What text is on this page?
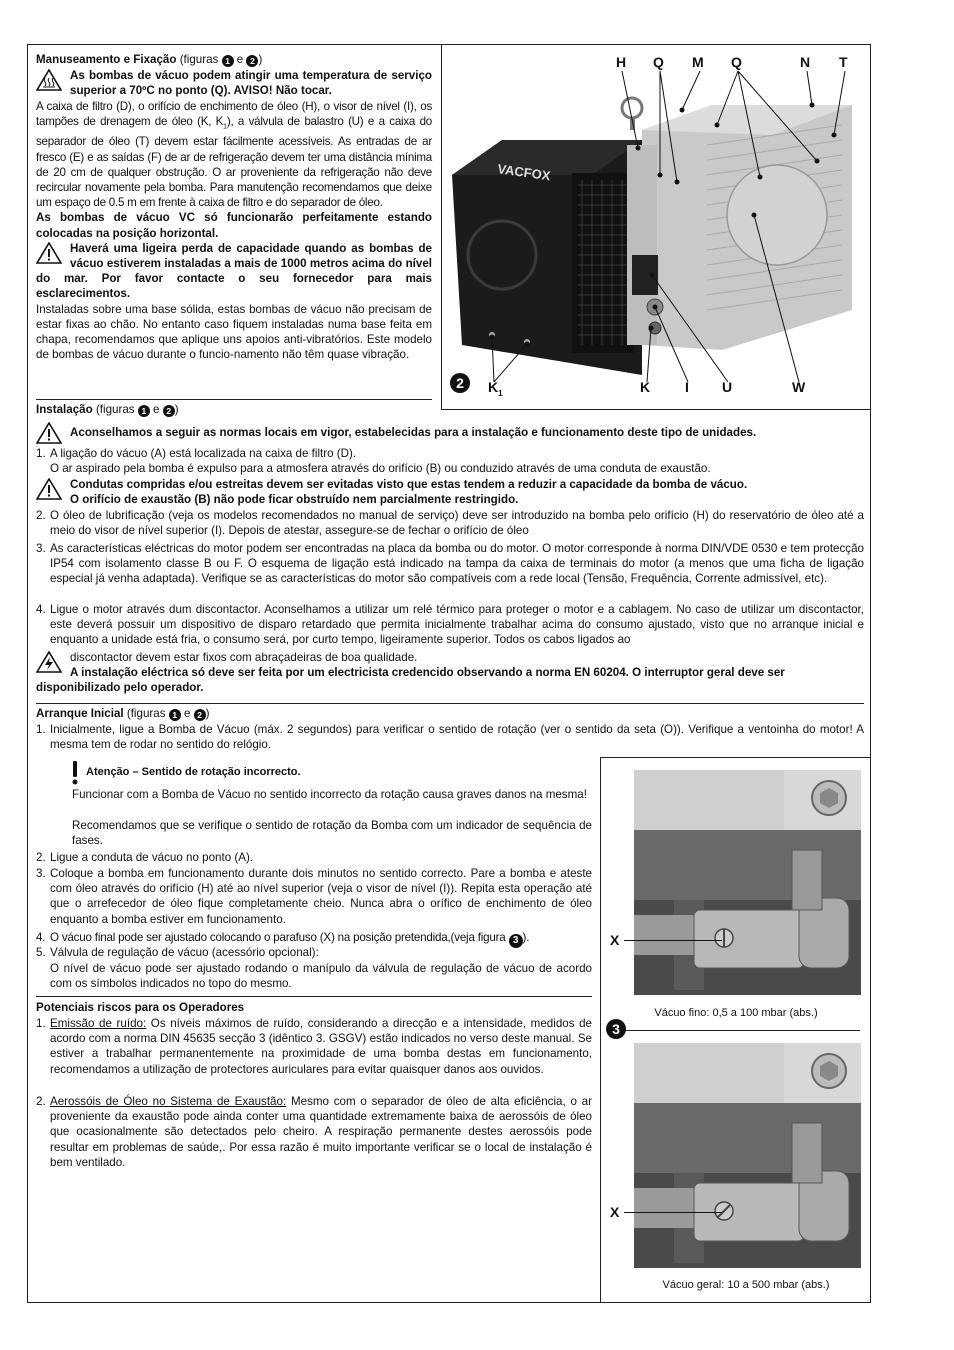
Manuseamento e Fixação (figuras 1 e 2 )

As bombas de vácuo podem atingir uma temperatura de serviço superior a 70ºC no ponto (Q). AVISO! Não tocar.

A caixa de filtro (D), o orifício de enchimento de óleo (H), o visor de nível (I), os tampões de drenagem de óleo (K, $K_1$), a válvula de balastro (U) e a caixa do separador de óleo (T) devem estar fácilmente acessíveis. As entradas de ar fresco (E) e as saídas (F) de ar de refrigeração devem ter uma distância mínima de 20 cm de qualquer obstrução. O ar proveniente da refrigeração não deve recircular novamente pela bomba. Para manutenção recomendamos que deixe um espaço de 0.5 m em frente à caixa de filtro e do separador de óleo.

As bombas de vácuo VC só funcionarão perfeitamente estando colocadas na posição horizontal.

Haverá uma ligeira perda de capacidade quando as bombas de vácuo estiverem instaladas a mais de 1000 metros acima do nível do mar. Por favor contacte o seu fornecedor para mais esclarecimentos.

Instaladas sobre uma base sólida, estas bombas de vácuo não precisam de estar fixas ao chão. No entanto caso fiquem instaladas numa base feita em chapa, recomendamos que aplique uns apoios anti-vibratórios. Este modelo de bombas de vácuo durante o funcio-namento não têm quase vibração.

VACFOX
H Q M Q	N T
2	$K_1$	K I U	W

Instalação (figuras 1 e 2 )

Aconselhamos a seguir as normas locais em vigor, estabelecidas para a instalação e funcionamento deste tipo de unidades.
1. A ligação do vácuo (A) está localizada na caixa de filtro (D).
O ar aspirado pela bomba é expulso para a atmosfera através do orifício (B) ou conduzido através de uma conduta de exaustão.

Condutas compridas e/ou estreitas devem ser evitadas visto que estas tendem a reduzir a capacidade da bomba de vácuo.

O orifício de exaustão (B) não pode ficar obstruído nem parcialmente restringido.

2. O óleo de lubrificação (veja os modelos recomendados no manual de serviço) deve ser introduzido na bomba pelo orifício (H) do reservatório de óleo até a meio do visor de nível superior (I). Depois de atestar, assegure-se de fechar o orifício de óleo
3. As características eléctricas do motor podem ser encontradas na placa da bomba ou do motor. O motor corresponde à norma DIN/VDE 0530 e tem protecção IP54 com isolamento classe B ou F. O esquema de ligação está indicado na tampa da caixa de terminais do motor (a menos que uma ficha de ligação especial já venha adaptada). Verifique se as características do motor são compatíveis com a rede local (Tensão, Frequência, Corrente admissível, etc).
4. Ligue o motor através dum discontactor. Aconselhamos a utilizar um relé térmico para proteger o motor e a cablagem. No caso de utilizar um discontactor, este deverá possuir um dispositivo de disparo retardado que permita inicialmente trabalhar acima do consumo ajustado, visto que no arranque inicial e enquanto a unidade está fria, o consumo será, por curto tempo, ligeiramente superior. Todos os cabos ligados ao

discontactor devem estar fixos com abraçadeiras de boa qualidade.

A instalação eléctrica só deve ser feita por um electricista credencido observando a norma EN 60204. O interruptor geral deve ser disponibilizado pelo operador.

Arranque Inicial (figuras 1 e 2 )

1. Inicialmente, ligue a Bomba de Vácuo (máx. 2 segundos) para verificar o sentido de rotação (ver o sentido da seta (O)). Verifique a ventoinha do motor! A mesma tem de rodar no sentido do relógio.

Atenção – Sentido de rotação incorrecto.

Funcionar com a Bomba de Vácuo no sentido incorrecto da rotação causa graves danos na mesma!

Recomendamos que se verifique o sentido de rotação da Bomba com um indicador de sequência de fases.

2. Ligue a conduta de vácuo no ponto (A).
3. Coloque a bomba em funcionamento durante dois minutos no sentido correcto. Pare a bomba e ateste com óleo através do orifício (H) até ao nível superior (veja o visor de nível (I)). Repita esta operação até que o arrefecedor de óleo fique completamente cheio. Nunca abra o orífico de enchimento de óleo enquanto a bomba estiver em funcionamento.
4. O vácuo final pode ser ajustado colocando o parafuso (X) na posição pretendida,(veja figura 3 ).
5. Válvula de regulação de vácuo (acessório opcional):
O nível de vácuo pode ser ajustado rodando o manípulo da válvula de regulação de vácuo de acordo com os símbolos indicados no topo do mesmo.
Potenciais riscos para os Operadores
1. Emissão de ruído: Os níveis máximos de ruído, considerando a direcção e a intensidade, medidos de acordo com a norma DIN 45635 secção 3 (idêntico 3. GSGV) estão indicados no verso deste manual. Se estiver a trabalhar permanentemente na proximidade de uma bomba destas em funcionamento, recomendamos a utilização de protectores auriculares para evitar quaisquer danos aos ouvidos.
2. Aerossóis de Óleo no Sistema de Exaustão: Mesmo com o separador de óleo de alta eficiência, o ar proveniente da exaustão pode ainda conter uma quantidade extremamente baixa de aerossóis de óleo que ocasionalmente são detectados pelo cheiro. A respiração permanente destes aerossóis pode resultar em problemas de saúde,. Por essa razão é muito importante verificar se o local de instalação é bem ventilado.
X
Vácuo fino: 0,5 a 100 mbar (abs.)
3
X
Vácuo geral: 10 a 500 mbar (abs.)
